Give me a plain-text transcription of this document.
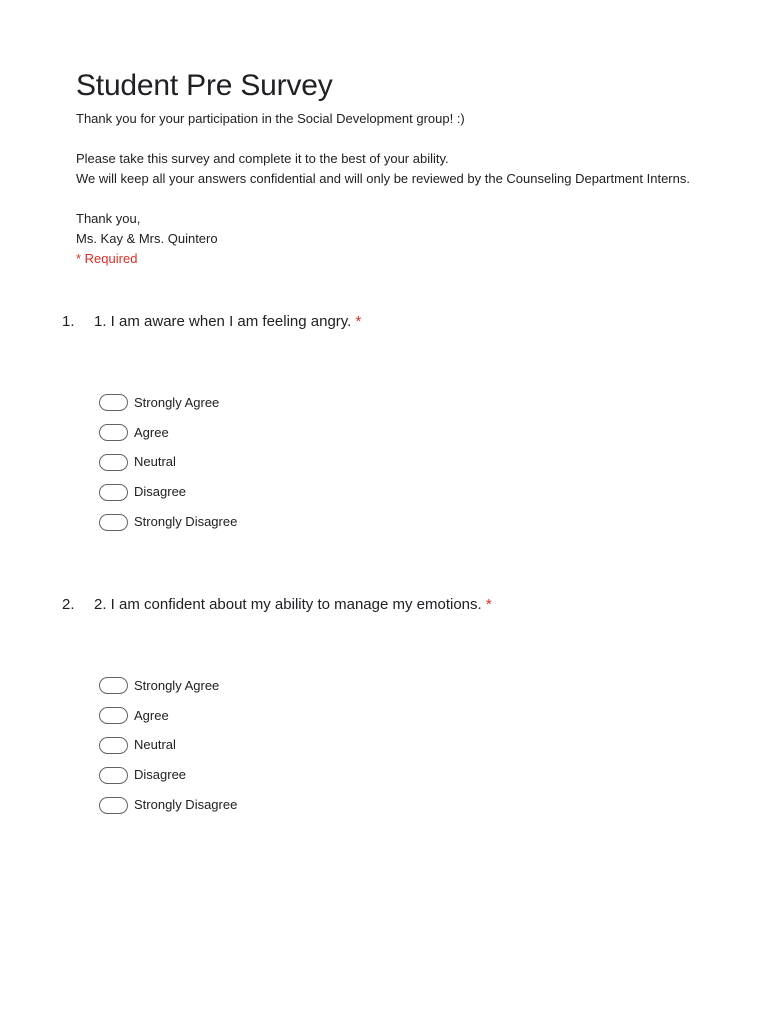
Student Pre Survey
Thank you for your participation in the Social Development group! :)
Please take this survey and complete it to the best of your ability.
We will keep all your answers confidential and will only be reviewed by the Counseling Department Interns.
Thank you,
Ms. Kay & Mrs. Quintero
* Required
1.	1. I am aware when I am feeling angry. *
Strongly Agree
Agree
Neutral
Disagree
Strongly Disagree
2.	2. I am confident about my ability to manage my emotions. *
Strongly Agree
Agree
Neutral
Disagree
Strongly Disagree
